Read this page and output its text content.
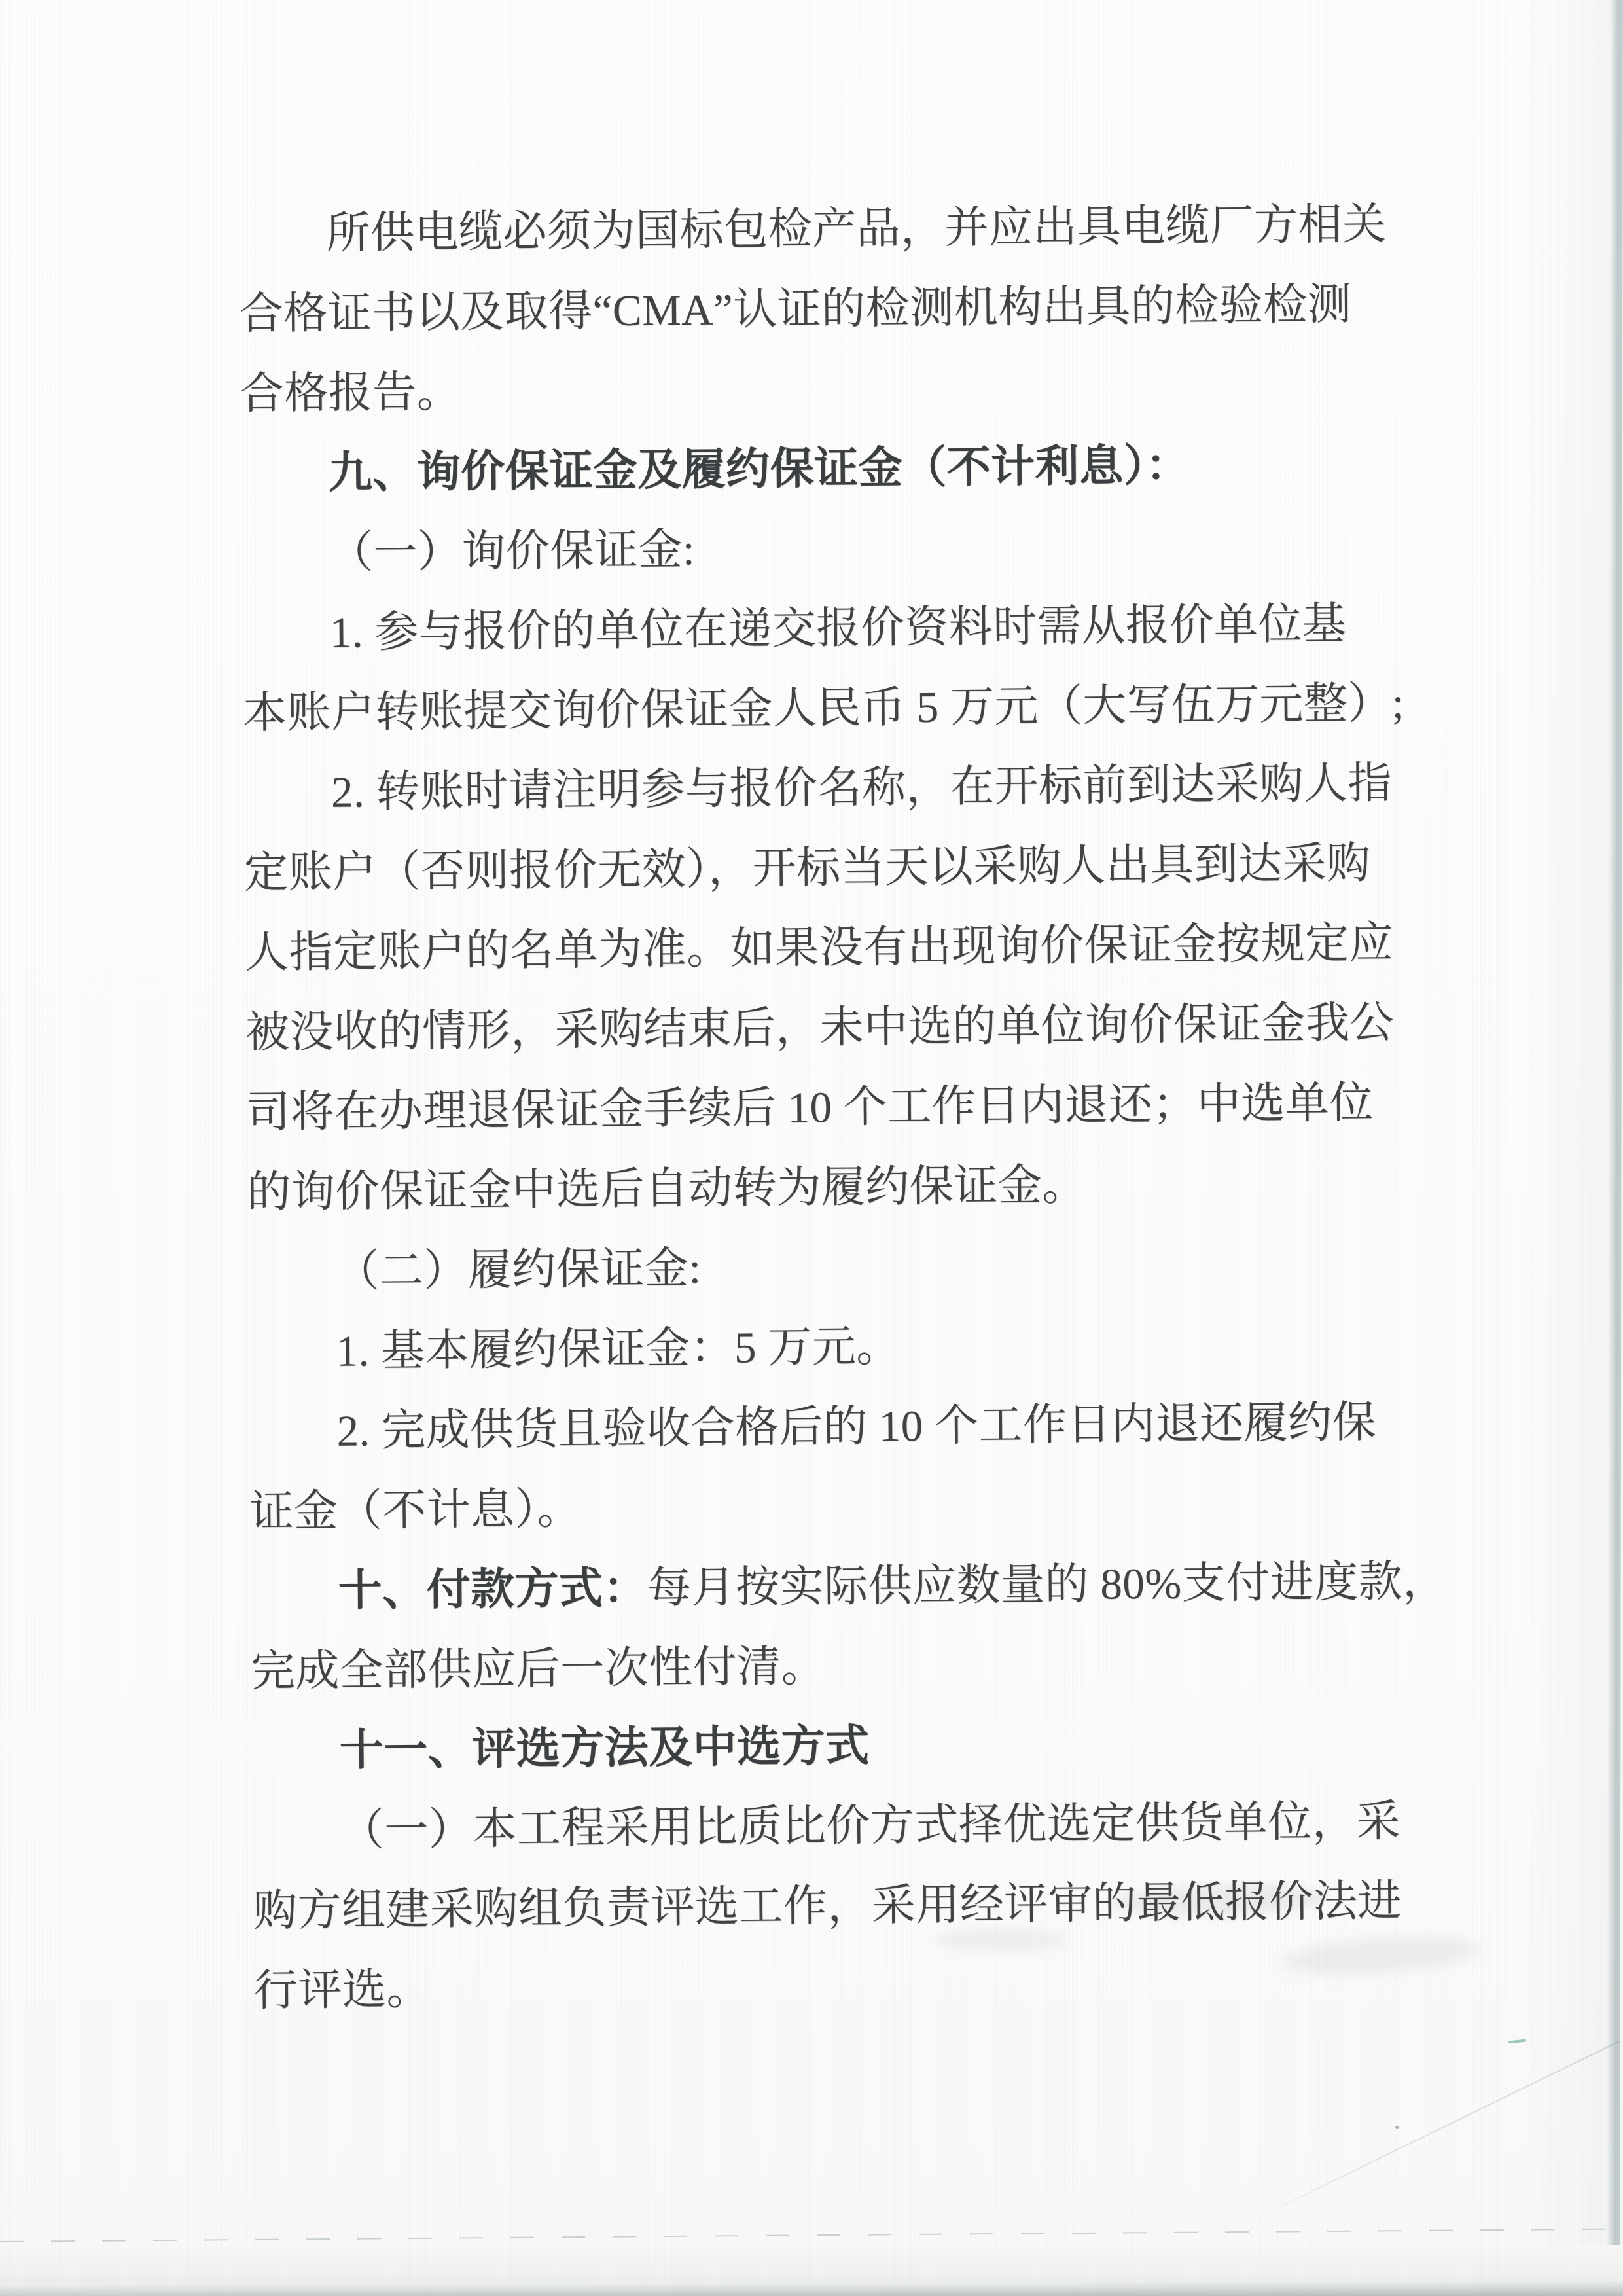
所供电缆必须为国标包检产品，并应出具电缆厂方相关
合格证书以及取得“CMA”认证的检测机构出具的检验检测
合格报告。
九、询价保证金及履约保证金（不计利息）：
（一）询价保证金:
1. 参与报价的单位在递交报价资料时需从报价单位基
本账户转账提交询价保证金人民币 5 万元（大写伍万元整）;
2. 转账时请注明参与报价名称，在开标前到达采购人指
定账户（否则报价无效），开标当天以采购人出具到达采购
人指定账户的名单为准。如果没有出现询价保证金按规定应
被没收的情形，采购结束后，未中选的单位询价保证金我公
司将在办理退保证金手续后 10 个工作日内退还；中选单位
的询价保证金中选后自动转为履约保证金。
（二）履约保证金:
1. 基本履约保证金：5 万元。
2. 完成供货且验收合格后的 10 个工作日内退还履约保
证金（不计息）。
十、付款方式：每月按实际供应数量的 80%支付进度款，
完成全部供应后一次性付清。
十一、评选方法及中选方式
（一）本工程采用比质比价方式择优选定供货单位，采
购方组建采购组负责评选工作，采用经评审的最低报价法进
行评选。
